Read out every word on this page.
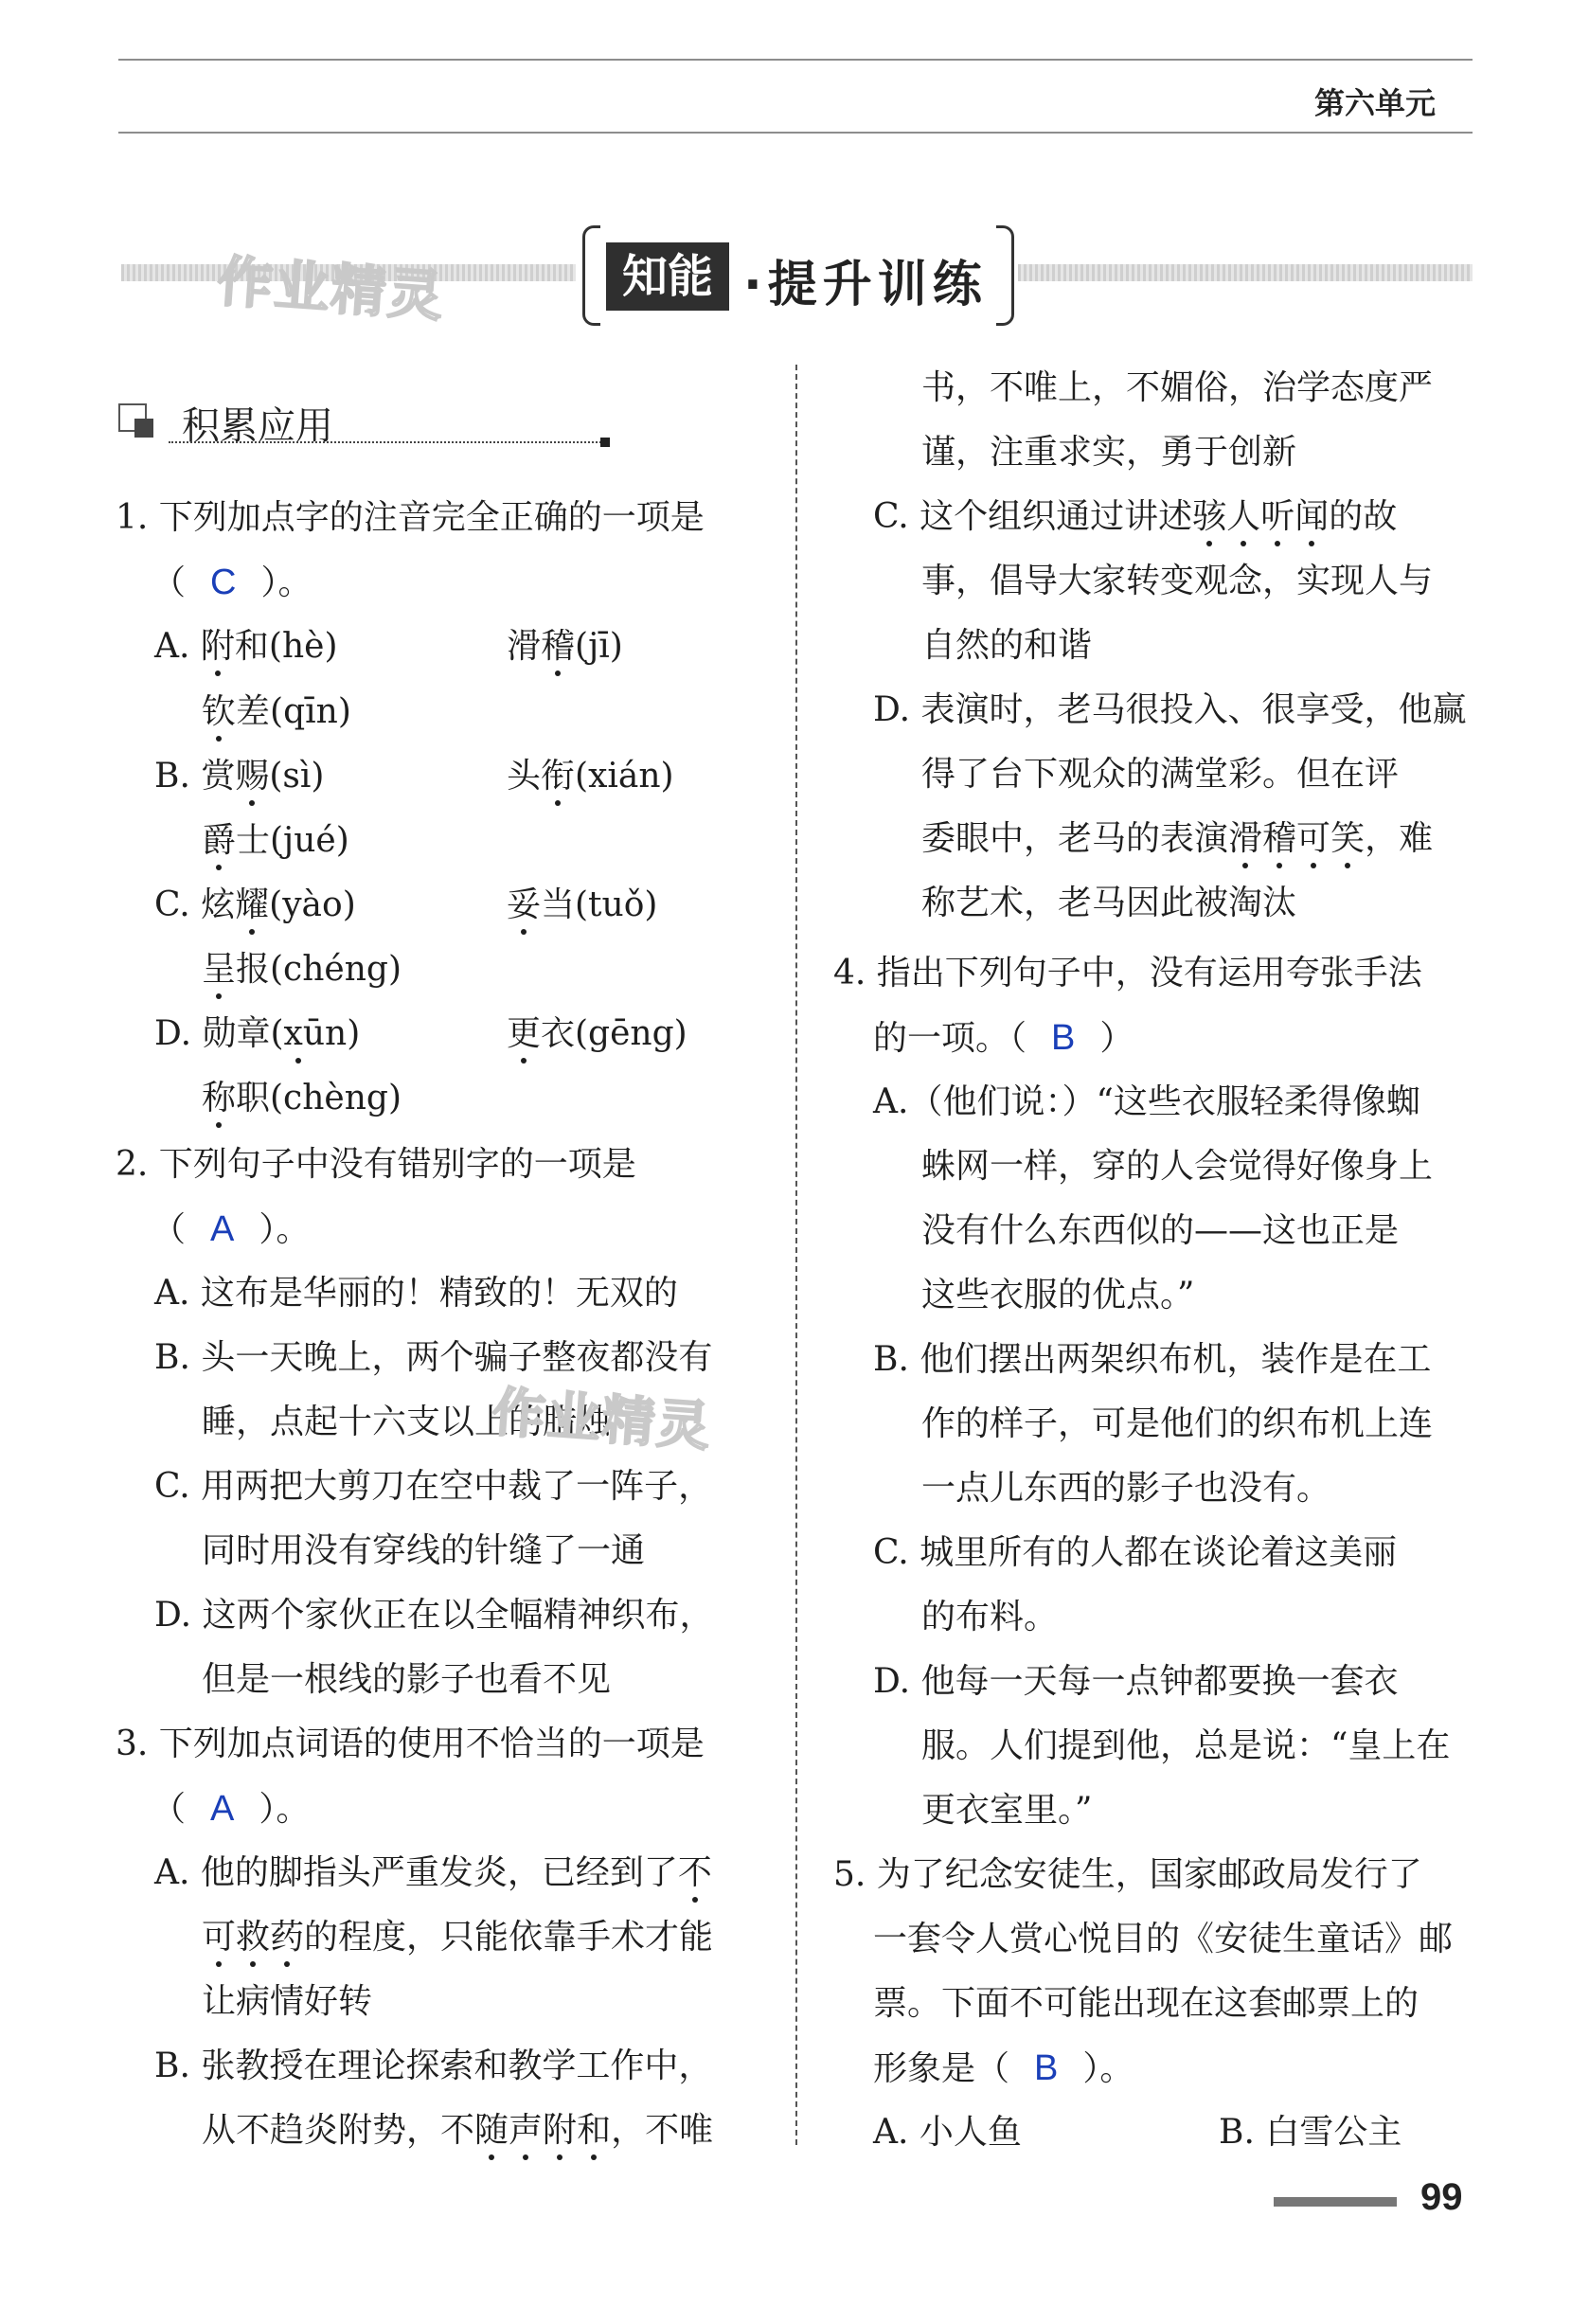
第六单元
作业精灵	知能 ·提升训练
积累应用
1. 下列加点字的注音完全正确的一项是
（ C ）。
A. 附和(hè)	滑稽(jī)
钦差(qīn)
B. 赏赐(sì)	头衔(xián)
爵士(jué)
C. 炫耀(yào)	妥当(tuǒ)
呈报(chéng)
D. 勋章(xūn)	更衣(gēng)
称职(chèng)
2. 下列句子中没有错别字的一项是
（ A ）。
A. 这布是华丽的！精致的！无双的
B. 头一天晚上，两个骗子整夜都没有
睡，点起十六支以上的腊烛
作业精灵
C. 用两把大剪刀在空中裁了一阵子，
同时用没有穿线的针缝了一通
D. 这两个家伙正在以全幅精神织布，
但是一根线的影子也看不见
3. 下列加点词语的使用不恰当的一项是
（ A ）。
A. 他的脚指头严重发炎，已经到了不
可救药的程度，只能依靠手术才能
让病情好转
B. 张教授在理论探索和教学工作中，
从不趋炎附势，不随声附和，不唯
书，不唯上，不媚俗，治学态度严
谨，注重求实，勇于创新
C. 这个组织通过讲述骇人听闻的故
事，倡导大家转变观念，实现人与
自然的和谐
D. 表演时，老马很投入、很享受，他赢
得了台下观众的满堂彩。但在评
委眼中，老马的表演滑稽可笑，难
称艺术，老马因此被淘汰
4. 指出下列句子中，没有运用夸张手法
的一项。（ B ）
A.（他们说：）“这些衣服轻柔得像蜘
蛛网一样，穿的人会觉得好像身上
没有什么东西似的——这也正是
这些衣服的优点。”
B. 他们摆出两架织布机，装作是在工
作的样子，可是他们的织布机上连
一点儿东西的影子也没有。
C. 城里所有的人都在谈论着这美丽
的布料。
D. 他每一天每一点钟都要换一套衣
服。人们提到他，总是说：“皇上在
更衣室里。”
5. 为了纪念安徒生，国家邮政局发行了
一套令人赏心悦目的《安徒生童话》邮
票。下面不可能出现在这套邮票上的
形象是（ B ）。
A. 小人鱼	B. 白雪公主
99
